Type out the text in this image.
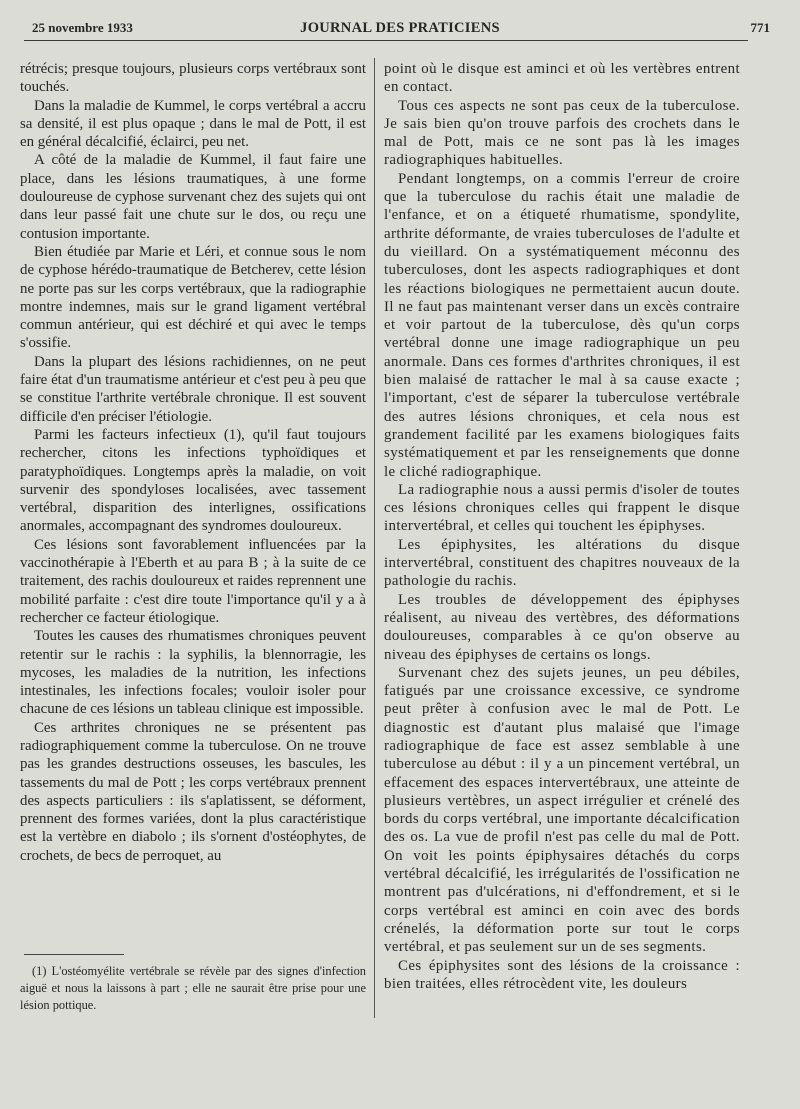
25 novembre 1933	JOURNAL DES PRATICIENS	771

rétrécis; presque toujours, plusieurs corps vertébraux sont touchés.

Dans la maladie de Kummel, le corps vertébral a accru sa densité, il est plus opaque ; dans le mal de Pott, il est en général décalcifié, éclairci, peu net.

A côté de la maladie de Kummel, il faut faire une place, dans les lésions traumatiques, à une forme douloureuse de cyphose survenant chez des sujets qui ont dans leur passé fait une chute sur le dos, ou reçu une contusion importante.

Bien étudiée par Marie et Léri, et connue sous le nom de cyphose hérédo-traumatique de Betcherev, cette lésion ne porte pas sur les corps vertébraux, que la radiographie montre indemnes, mais sur le grand ligament vertébral commun antérieur, qui est déchiré et qui avec le temps s'ossifie.

Dans la plupart des lésions rachidiennes, on ne peut faire état d'un traumatisme antérieur et c'est peu à peu que se constitue l'arthrite vertébrale chronique. Il est souvent difficile d'en préciser l'étiologie.

Parmi les facteurs infectieux (1), qu'il faut toujours rechercher, citons les infections typhoïdiques et paratyphoïdiques. Longtemps après la maladie, on voit survenir des spondyloses localisées, avec tassement vertébral, disparition des interlignes, ossifications anormales, accompagnant des syndromes douloureux.

Ces lésions sont favorablement influencées par la vaccinothérapie à l'Eberth et au para B ; à la suite de ce traitement, des rachis douloureux et raides reprennent une mobilité parfaite : c'est dire toute l'importance qu'il y a à rechercher ce facteur étiologique.

Toutes les causes des rhumatismes chroniques peuvent retentir sur le rachis : la syphilis, la blennorragie, les mycoses, les maladies de la nutrition, les infections intestinales, les infections focales; vouloir isoler pour chacune de ces lésions un tableau clinique est impossible.

Ces arthrites chroniques ne se présentent pas radiographiquement comme la tuberculose. On ne trouve pas les grandes destructions osseuses, les bascules, les tassements du mal de Pott ; les corps vertébraux prennent des aspects particuliers : ils s'aplatissent, se déforment, prennent des formes variées, dont la plus caractéristique est la vertèbre en diabolo ; ils s'ornent d'ostéophytes, de crochets, de becs de perroquet, au

point où le disque est aminci et où les vertèbres entrent en contact.

Tous ces aspects ne sont pas ceux de la tuberculose. Je sais bien qu'on trouve parfois des crochets dans le mal de Pott, mais ce ne sont pas là les images radiographiques habituelles.

Pendant longtemps, on a commis l'erreur de croire que la tuberculose du rachis était une maladie de l'enfance, et on a étiqueté rhumatisme, spondylite, arthrite déformante, de vraies tuberculoses de l'adulte et du vieillard. On a systématiquement méconnu des tuberculoses, dont les aspects radiographiques et dont les réactions biologiques ne permettaient aucun doute. Il ne faut pas maintenant verser dans un excès contraire et voir partout de la tuberculose, dès qu'un corps vertébral donne une image radiographique un peu anormale. Dans ces formes d'arthrites chroniques, il est bien malaisé de rattacher le mal à sa cause exacte ; l'important, c'est de séparer la tuberculose vertébrale des autres lésions chroniques, et cela nous est grandement facilité par les examens biologiques faits systématiquement et par les renseignements que donne le cliché radiographique.

La radiographie nous a aussi permis d'isoler de toutes ces lésions chroniques celles qui frappent le disque intervertébral, et celles qui touchent les épiphyses.

Les épiphysites, les altérations du disque intervertébral, constituent des chapitres nouveaux de la pathologie du rachis.

Les troubles de développement des épiphyses réalisent, au niveau des vertèbres, des déformations douloureuses, comparables à ce qu'on observe au niveau des épiphyses de certains os longs.

Survenant chez des sujets jeunes, un peu débiles, fatigués par une croissance excessive, ce syndrome peut prêter à confusion avec le mal de Pott. Le diagnostic est d'autant plus malaisé que l'image radiographique de face est assez semblable à une tuberculose au début : il y a un pincement vertébral, un effacement des espaces intervertébraux, une atteinte de plusieurs vertèbres, un aspect irrégulier et crénelé des bords du corps vertébral, une importante décalcification des os. La vue de profil n'est pas celle du mal de Pott. On voit les points épiphysaires détachés du corps vertébral décalcifié, les irrégularités de l'ossification ne montrent pas d'ulcérations, ni d'effondrement, et si le corps vertébral est aminci en coin avec des bords crénelés, la déformation porte sur tout le corps vertébral, et pas seulement sur un de ses segments.

Ces épiphysites sont des lésions de la croissance : bien traitées, elles rétrocèdent vite, les douleurs

(1) L'ostéomyélite vertébrale se révèle par des signes d'infection aiguë et nous la laissons à part ; elle ne saurait être prise pour une lésion pottique.
